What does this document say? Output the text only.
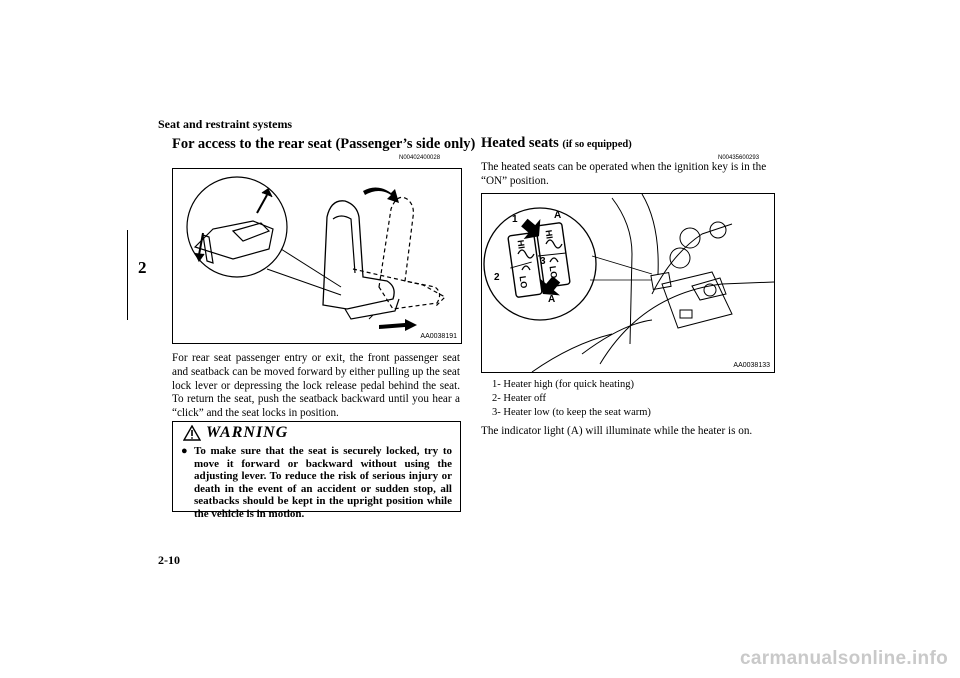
Seat and restraint systems
2
For access to the rear seat (Passenger’s side only)
N00402400028
AA0038191
For rear seat passenger entry or exit, the front passenger seat and seatback can be moved forward by either pulling up the seat lock lever or depressing the lock release pedal behind the seat. To return the seat, push the seatback backward until you hear a “click” and the seat locks in position.
WARNING
● To make sure that the seat is securely locked, try to move it forward or backward without using the adjusting lever. To reduce the risk of serious injury or death in the event of an accident or sudden stop, all seatbacks should be kept in the upright position while the vehicle is in motion.
Heated seats (if so equipped)
N00435600293
The heated seats can be operated when the ignition key is in the “ON” position.
HI
HI
LO
LO
1	A
2
3
A
AA0038133
1- Heater high (for quick heating)
2- Heater off
3- Heater low (to keep the seat warm)
The indicator light (A) will illuminate while the heater is on.
2-10
carmanualsonline.info
